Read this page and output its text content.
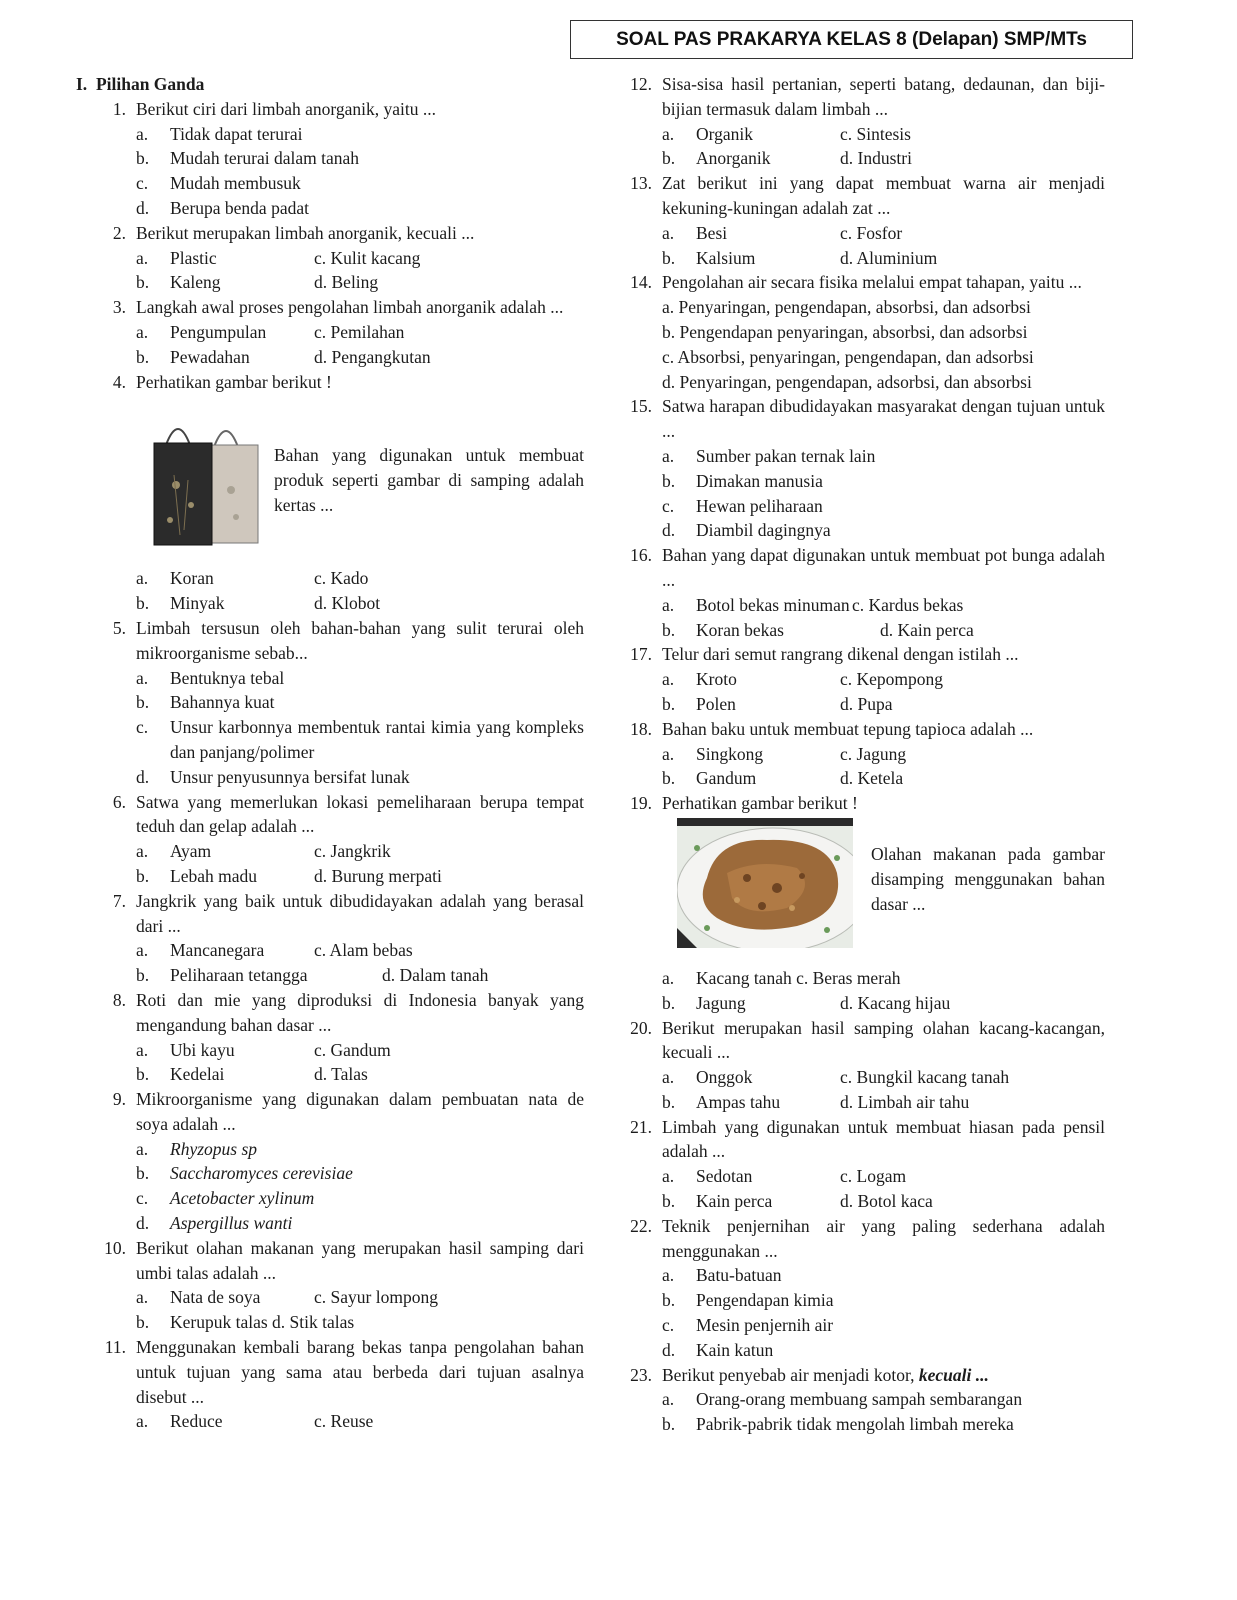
SOAL PAS PRAKARYA KELAS 8 (Delapan) SMP/MTs
I. Pilihan Ganda
1. Berikut ciri dari limbah anorganik, yaitu ...
a.	Tidak dapat terurai
b.	Mudah terurai dalam tanah
c.	Mudah membusuk
d.	Berupa benda padat
2. Berikut merupakan limbah anorganik, kecuali ...
a.	Plastic	c. Kulit kacang
b.	Kaleng	d. Beling
3. Langkah awal proses pengolahan limbah anorganik adalah ...
a.	Pengumpulan	c. Pemilahan
b.	Pewadahan	d. Pengangkutan
4. Perhatikan gambar berikut !
Bahan yang digunakan untuk membuat produk seperti gambar di samping adalah kertas ...
a.	Koran	c. Kado
b.	Minyak	d. Klobot
5. Limbah tersusun oleh bahan-bahan yang sulit terurai oleh mikroorganisme sebab...
a.	Bentuknya tebal
b.	Bahannya kuat
c.	Unsur karbonnya membentuk rantai kimia yang kompleks dan panjang/polimer
d.	Unsur penyusunnya bersifat lunak
6. Satwa yang memerlukan lokasi pemeliharaan berupa tempat teduh dan gelap adalah ...
a.	Ayam	c. Jangkrik
b.	Lebah madu	d. Burung merpati
7. Jangkrik yang baik untuk dibudidayakan adalah yang berasal dari ...
a.	Mancanegara	c. Alam bebas
b.	Peliharaan tetangga	d. Dalam tanah
8. Roti dan mie yang diproduksi di Indonesia banyak yang mengandung bahan dasar ...
a.	Ubi kayu	c. Gandum
b.	Kedelai	d. Talas
9. Mikroorganisme yang digunakan dalam pembuatan nata de soya adalah ...
a.	Rhyzopus sp
b.	Saccharomyces cerevisiae
c.	Acetobacter xylinum
d.	Aspergillus wanti
10. Berikut olahan makanan yang merupakan hasil samping dari umbi talas adalah ...
a.	Nata de soya	c. Sayur lompong
b.	Kerupuk talas d. Stik talas
11. Menggunakan kembali barang bekas tanpa pengolahan bahan untuk tujuan yang sama atau berbeda dari tujuan asalnya disebut ...
a.	Reduce	c. Reuse
12. Sisa-sisa hasil pertanian, seperti batang, dedaunan, dan biji-bijian termasuk dalam limbah ...
a.	Organik	c. Sintesis
b.	Anorganik	d. Industri
13. Zat berikut ini yang dapat membuat warna air menjadi kekuning-kuningan adalah zat ...
a.	Besi	c. Fosfor
b.	Kalsium	d. Aluminium
14. Pengolahan air secara fisika melalui empat tahapan, yaitu ...
a. Penyaringan, pengendapan, absorbsi, dan adsorbsi
b. Pengendapan penyaringan, absorbsi, dan adsorbsi
c. Absorbsi, penyaringan, pengendapan, dan adsorbsi
d. Penyaringan, pengendapan, adsorbsi, dan absorbsi
15. Satwa harapan dibudidayakan masyarakat dengan tujuan untuk ...
a.	Sumber pakan ternak lain
b.	Dimakan manusia
c.	Hewan peliharaan
d.	Diambil dagingnya
16. Bahan yang dapat digunakan untuk membuat pot bunga adalah ...
a.	Botol bekas minuman c. Kardus bekas
b.	Koran bekas	d. Kain perca
17. Telur dari semut rangrang dikenal dengan istilah ...
a.	Kroto	c. Kepompong
b.	Polen	d. Pupa
18. Bahan baku untuk membuat tepung tapioca adalah ...
a.	Singkong	c. Jagung
b.	Gandum	d. Ketela
19. Perhatikan gambar berikut !
Olahan makanan pada gambar disamping menggunakan bahan dasar ...
a.	Kacang tanah c. Beras merah
b.	Jagung	d. Kacang hijau
20. Berikut merupakan hasil samping olahan kacang-kacangan, kecuali ...
a.	Onggok	c. Bungkil kacang tanah
b.	Ampas tahu	d. Limbah air tahu
21. Limbah yang digunakan untuk membuat hiasan pada pensil adalah ...
a.	Sedotan	c. Logam
b.	Kain perca	d. Botol kaca
22. Teknik penjernihan air yang paling sederhana adalah menggunakan ...
a.	Batu-batuan
b.	Pengendapan kimia
c.	Mesin penjernih air
d.	Kain katun
23. Berikut penyebab air menjadi kotor, kecuali ...
a.	Orang-orang membuang sampah sembarangan
b.	Pabrik-pabrik tidak mengolah limbah mereka
